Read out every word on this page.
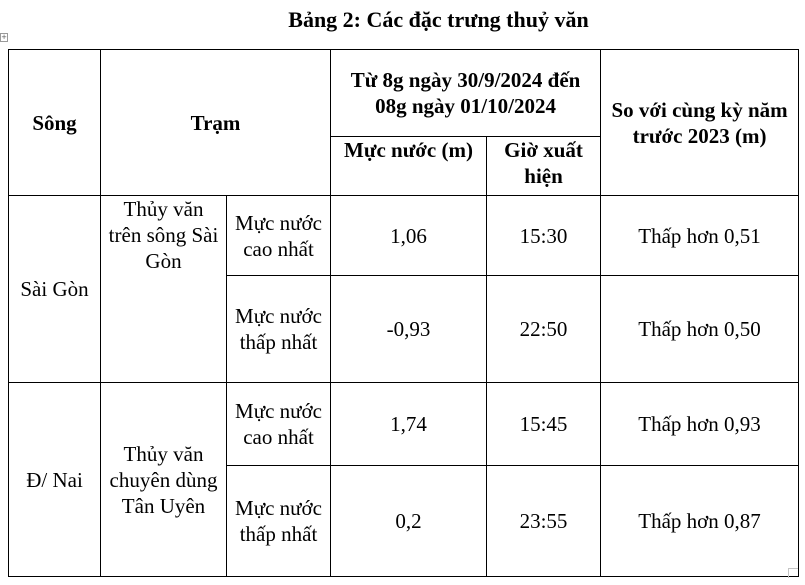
Bảng 2: Các đặc trưng thuỷ văn
+
Sông	Trạm		Từ 8g ngày 30/9/2024 đến 08g ngày 01/10/2024		So với cùng kỳ năm trước 2023 (m)
			Mực nước (m)	Giờ xuất hiện	
Sài Gòn	Thủy văn trên sông Sài Gòn	Mực nước cao nhất	1,06	15:30	Thấp hơn 0,51
		Mực nước thấp nhất	-0,93	22:50	Thấp hơn 0,50
Đ/ Nai	Thủy văn chuyên dùng Tân Uyên	Mực nước cao nhất	1,74	15:45	Thấp hơn 0,93
		Mực nước thấp nhất	0,2	23:55	Thấp hơn 0,87
